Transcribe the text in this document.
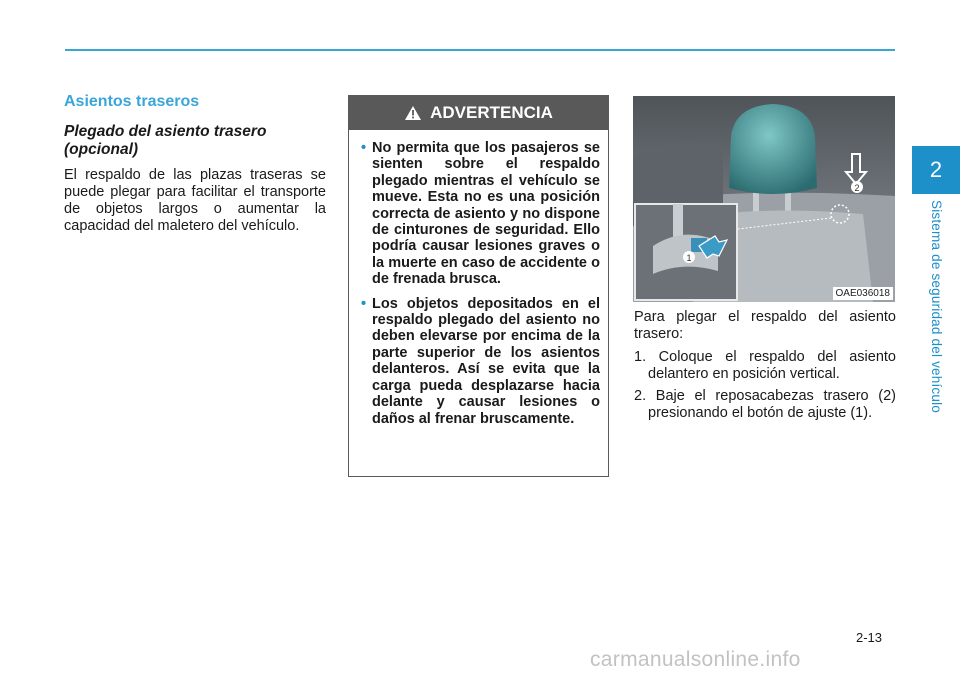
2
Sistema de seguridad del vehículo
Asientos traseros
Plegado del asiento trasero (opcional)

El respaldo de las plazas traseras se puede plegar para facilitar el transporte de objetos largos o aumentar la capacidad del maletero del vehículo.

ADVERTENCIA
• No permita que los pasajeros se sienten sobre el respaldo plegado mientras el vehículo se mueve. Esta no es una posición correcta de asiento y no dispone de cinturones de seguridad. Ello podría causar lesiones graves o la muerte en caso de accidente o de frenada brusca.
• Los objetos depositados en el respaldo plegado del asiento no deben elevarse por encima de la parte superior de los asientos delanteros. Así se evita que la carga pueda desplazarse hacia delante y causar lesiones o daños al frenar bruscamente.
2
1
OAE036018

Para plegar el respaldo del asiento trasero:

1. Coloque el respaldo del asiento delantero en posición vertical.
2. Baje el reposacabezas trasero (2) presionando el botón de ajuste (1).
2-13
carmanualsonline.info
